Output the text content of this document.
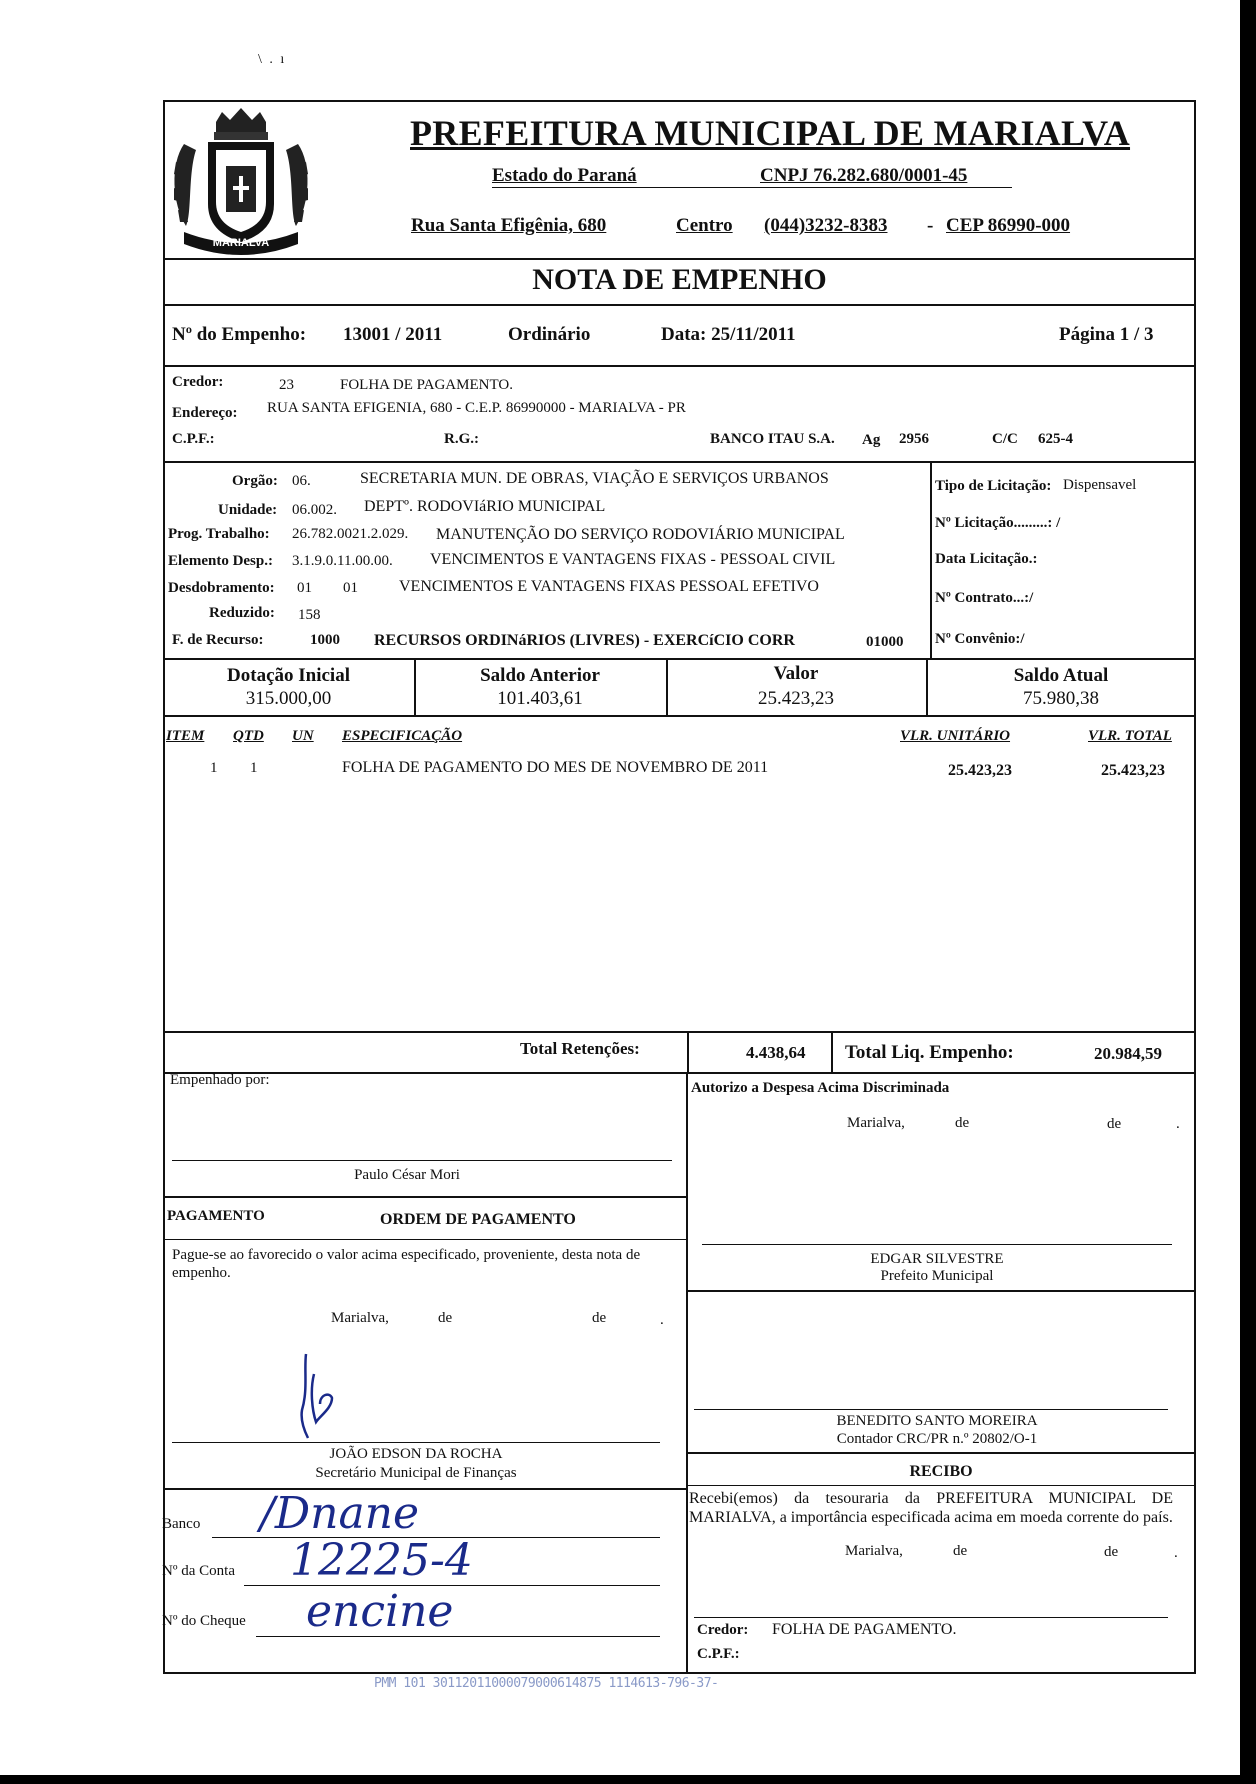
\ . ı
MARIALVA
PREFEITURA MUNICIPAL DE MARIALVA
Estado do Paraná	CNPJ 76.282.680/0001-45
Rua Santa Efigênia, 680	Centro (044)3232-8383 - CEP 86990-000
NOTA DE EMPENHO
Nº do Empenho: 13001 / 2011	Ordinário	Data: 25/11/2011	Página 1 / 3
Credor:	23	FOLHA DE PAGAMENTO.
Endereço: RUA SANTA EFIGENIA, 680 - C.E.P. 86990000 - MARIALVA - PR
C.P.F.:	R.G.:	BANCO ITAU S.A. Ag 2956	C/C 625-4
Orgão: 06.	SECRETARIA MUN. DE OBRAS, VIAÇÃO E SERVIÇOS URBANOS
Unidade: 06.002. DEPTº. RODOVIáRIO MUNICIPAL
Prog. Trabalho: 26.782.0021.2.029. MANUTENÇÃO DO SERVIÇO RODOVIÁRIO MUNICIPAL
Elemento Desp.: 3.1.9.0.11.00.00. VENCIMENTOS E VANTAGENS FIXAS - PESSOAL CIVIL
Desdobramento: 01 01	VENCIMENTOS E VANTAGENS FIXAS PESSOAL EFETIVO
Reduzido: 158
F. de Recurso:	1000 RECURSOS ORDINáRIOS (LIVRES) - EXERCíCIO CORR	01000
Tipo de Licitação: Dispensavel
Nº Licitação.........: /
Data Licitação.:
Nº Contrato...:/
Nº Convênio:/
Dotação Inicial
315.000,00
Saldo Anterior
101.403,61
Valor
25.423,23
Saldo Atual
75.980,38
ITEM QTD UN ESPECIFICAÇÃO	VLR. UNITÁRIO	VLR. TOTAL
1 1	FOLHA DE PAGAMENTO DO MES DE NOVEMBRO DE 2011	25.423,23	25.423,23
Total Retenções:	4.438,64 Total Liq. Empenho:	20.984,59
Empenhado por:
Paulo César Mori
Autorizo a Despesa Acima Discriminada
Marialva,	de	de	.
EDGAR SILVESTRE
Prefeito Municipal
BENEDITO SANTO MOREIRA
Contador CRC/PR n.º 20802/O-1
PAGAMENTO	ORDEM DE PAGAMENTO
Pague-se ao favorecido o valor acima especificado, proveniente, desta nota de empenho.
Marialva,	de	de	.
JOÃO EDSON DA ROCHA
Secretário Municipal de Finanças
Banco /Dnane
Nº da Conta 12225-4
Nº do Cheque encine
RECIBO
Recebi(emos) da tesouraria da PREFEITURA MUNICIPAL DE MARIALVA, a importância especificada acima em moeda corrente do país.
Marialva,	de	de	.
Credor: FOLHA DE PAGAMENTO.
C.P.F.:
PMM 101 30112011000079000614875 1114613-796-37-
